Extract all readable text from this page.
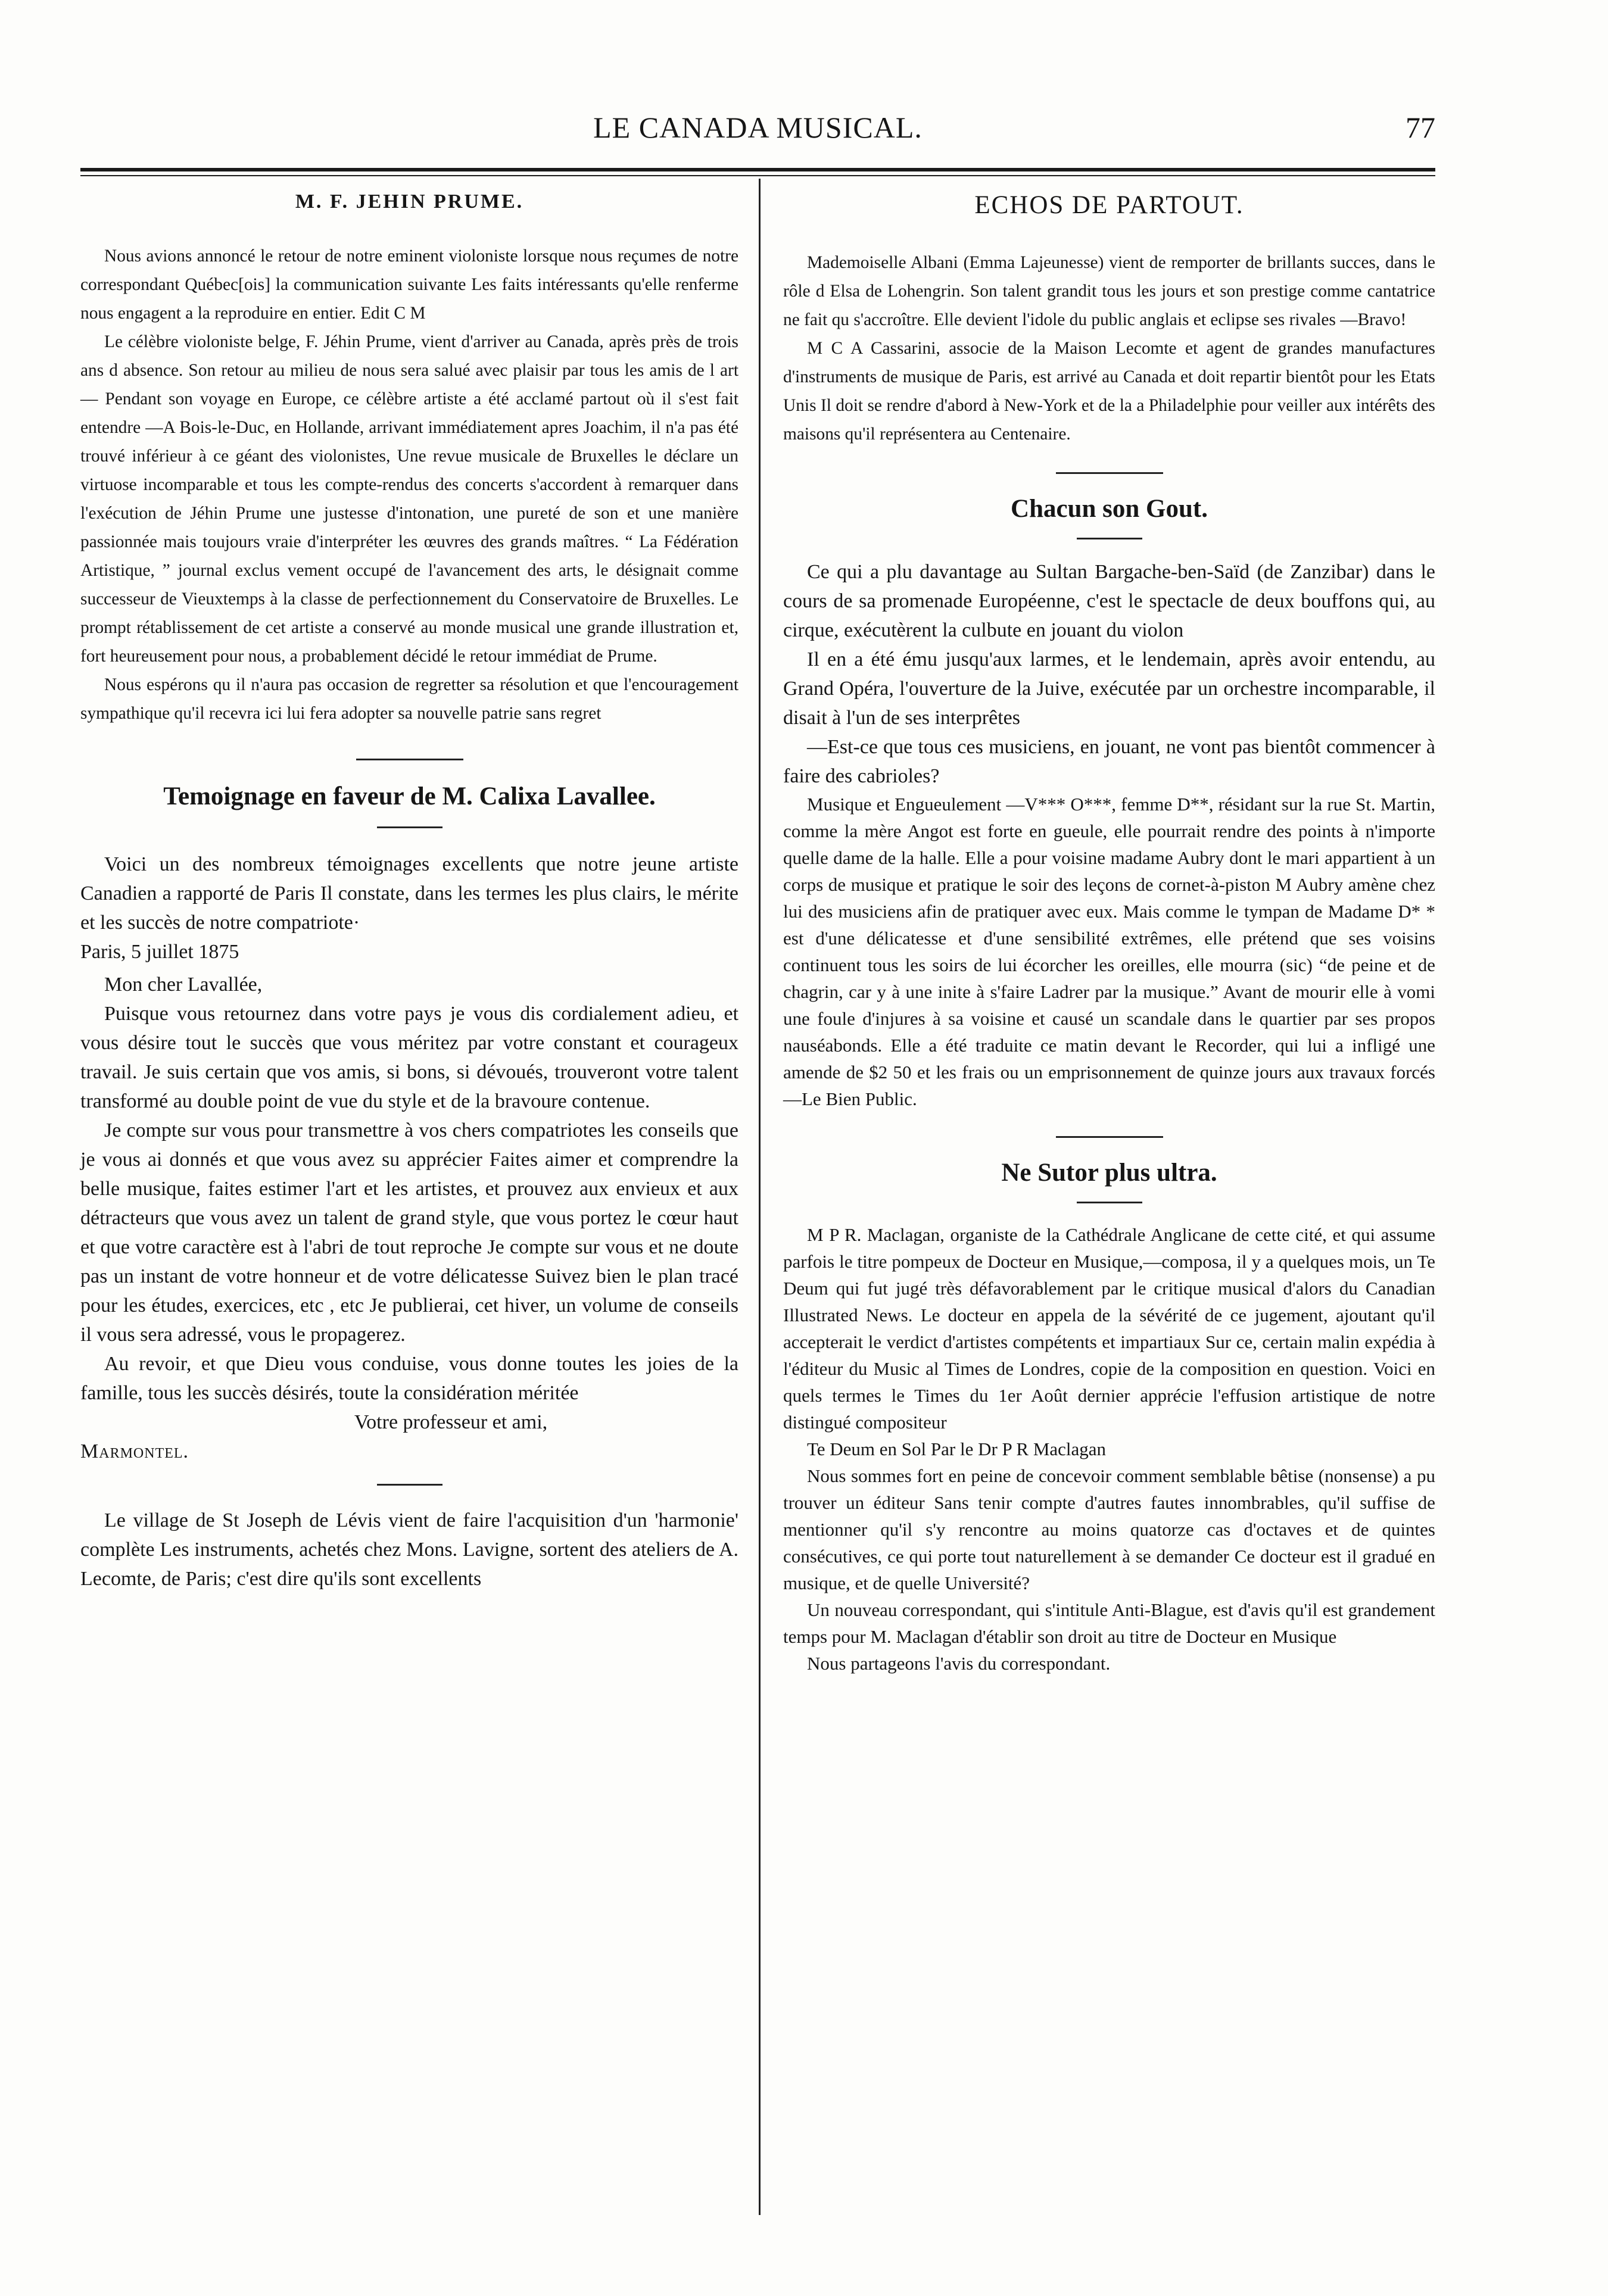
LE CANADA MUSICAL.	77
M. F. JEHIN PRUME.

Nous avions annoncé le retour de notre eminent violoniste lorsque nous reçumes de notre correspondant Québec[ois] la communication suivante Les faits intéressants qu'elle renferme nous engagent a la reproduire en entier. Edit C M

Le célèbre violoniste belge, F. Jéhin Prume, vient d'arriver au Canada, après près de trois ans d absence. Son retour au milieu de nous sera salué avec plaisir par tous les amis de l art — Pendant son voyage en Europe, ce célèbre artiste a été acclamé partout où il s'est fait entendre —A Bois-le-Duc, en Hollande, arrivant immédiatement apres Joachim, il n'a pas été trouvé inférieur à ce géant des violonistes, Une revue musicale de Bruxelles le déclare un virtuose incomparable et tous les compte-rendus des concerts s'accordent à remarquer dans l'exécution de Jéhin Prume une justesse d'intonation, une pureté de son et une manière passionnée mais toujours vraie d'interpréter les œuvres des grands maîtres. “ La Fédération Artistique, ” journal exclus vement occupé de l'avancement des arts, le désignait comme successeur de Vieuxtemps à la classe de perfectionnement du Conservatoire de Bruxelles. Le prompt rétablissement de cet artiste a conservé au monde musical une grande illustration et, fort heureusement pour nous, a probablement décidé le retour immédiat de Prume.

Nous espérons qu il n'aura pas occasion de regretter sa résolution et que l'encouragement sympathique qu'il recevra ici lui fera adopter sa nouvelle patrie sans regret

Temoignage en faveur de M. Calixa Lavallee.

Voici un des nombreux témoignages excellents que notre jeune artiste Canadien a rapporté de Paris Il constate, dans les termes les plus clairs, le mérite et les succès de notre compatriote·

Paris, 5 juillet 1875

Mon cher Lavallée,

Puisque vous retournez dans votre pays je vous dis cordialement adieu, et vous désire tout le succès que vous méritez par votre constant et courageux travail. Je suis certain que vos amis, si bons, si dévoués, trouveront votre talent transformé au double point de vue du style et de la bravoure contenue.

Je compte sur vous pour transmettre à vos chers compatriotes les conseils que je vous ai donnés et que vous avez su apprécier Faites aimer et comprendre la belle musique, faites estimer l'art et les artistes, et prouvez aux envieux et aux détracteurs que vous avez un talent de grand style, que vous portez le cœur haut et que votre caractère est à l'abri de tout reproche Je compte sur vous et ne doute pas un instant de votre honneur et de votre délicatesse Suivez bien le plan tracé pour les études, exercices, etc , etc Je publierai, cet hiver, un volume de conseils il vous sera adressé, vous le propagerez.

Au revoir, et que Dieu vous conduise, vous donne toutes les joies de la famille, tous les succès désirés, toute la considération méritée

Votre professeur et ami,

Marmontel.

Le village de St Joseph de Lévis vient de faire l'acquisition d'un 'harmonie' complète Les instruments, achetés chez Mons. Lavigne, sortent des ateliers de A. Lecomte, de Paris; c'est dire qu'ils sont excellents

ECHOS DE PARTOUT.

Mademoiselle Albani (Emma Lajeunesse) vient de remporter de brillants succes, dans le rôle d Elsa de Lohengrin. Son talent grandit tous les jours et son prestige comme cantatrice ne fait qu s'accroître. Elle devient l'idole du public anglais et eclipse ses rivales —Bravo!

M C A Cassarini, associe de la Maison Lecomte et agent de grandes manufactures d'instruments de musique de Paris, est arrivé au Canada et doit repartir bientôt pour les Etats Unis Il doit se rendre d'abord à New-York et de la a Philadelphie pour veiller aux intérêts des maisons qu'il représentera au Centenaire.

Chacun son Gout.

Ce qui a plu davantage au Sultan Bargache-ben-Saïd (de Zanzibar) dans le cours de sa promenade Européenne, c'est le spectacle de deux bouffons qui, au cirque, exécutèrent la culbute en jouant du violon

Il en a été ému jusqu'aux larmes, et le lendemain, après avoir entendu, au Grand Opéra, l'ouverture de la Juive, exécutée par un orchestre incomparable, il disait à l'un de ses interprêtes

—Est-ce que tous ces musiciens, en jouant, ne vont pas bientôt commencer à faire des cabrioles?

Musique et Engueulement —V*** O***, femme D**, résidant sur la rue St. Martin, comme la mère Angot est forte en gueule, elle pourrait rendre des points à n'importe quelle dame de la halle. Elle a pour voisine madame Aubry dont le mari appartient à un corps de musique et pratique le soir des leçons de cornet-à-piston M Aubry amène chez lui des musiciens afin de pratiquer avec eux. Mais comme le tympan de Madame D* * est d'une délicatesse et d'une sensibilité extrêmes, elle prétend que ses voisins continuent tous les soirs de lui écorcher les oreilles, elle mourra (sic) “de peine et de chagrin, car y à une inite à s'faire Ladrer par la musique.” Avant de mourir elle à vomi une foule d'injures à sa voisine et causé un scandale dans le quartier par ses propos nauséabonds. Elle a été traduite ce matin devant le Recorder, qui lui a infligé une amende de $2 50 et les frais ou un emprisonnement de quinze jours aux travaux forcés —Le Bien Public.

Ne Sutor plus ultra.

M P R. Maclagan, organiste de la Cathédrale Anglicane de cette cité, et qui assume parfois le titre pompeux de Docteur en Musique,—composa, il y a quelques mois, un Te Deum qui fut jugé très défavorablement par le critique musical d'alors du Canadian Illustrated News. Le docteur en appela de la sévérité de ce jugement, ajoutant qu'il accepterait le verdict d'artistes compétents et impartiaux Sur ce, certain malin expédia à l'éditeur du Music al Times de Londres, copie de la composition en question. Voici en quels termes le Times du 1er Août dernier apprécie l'effusion artistique de notre distingué compositeur

Te Deum en Sol Par le Dr P R Maclagan

Nous sommes fort en peine de concevoir comment semblable bêtise (nonsense) a pu trouver un éditeur Sans tenir compte d'autres fautes innombrables, qu'il suffise de mentionner qu'il s'y rencontre au moins quatorze cas d'octaves et de quintes consécutives, ce qui porte tout naturellement à se demander Ce docteur est il gradué en musique, et de quelle Université?

Un nouveau correspondant, qui s'intitule Anti-Blague, est d'avis qu'il est grandement temps pour M. Maclagan d'établir son droit au titre de Docteur en Musique

Nous partageons l'avis du correspondant.
